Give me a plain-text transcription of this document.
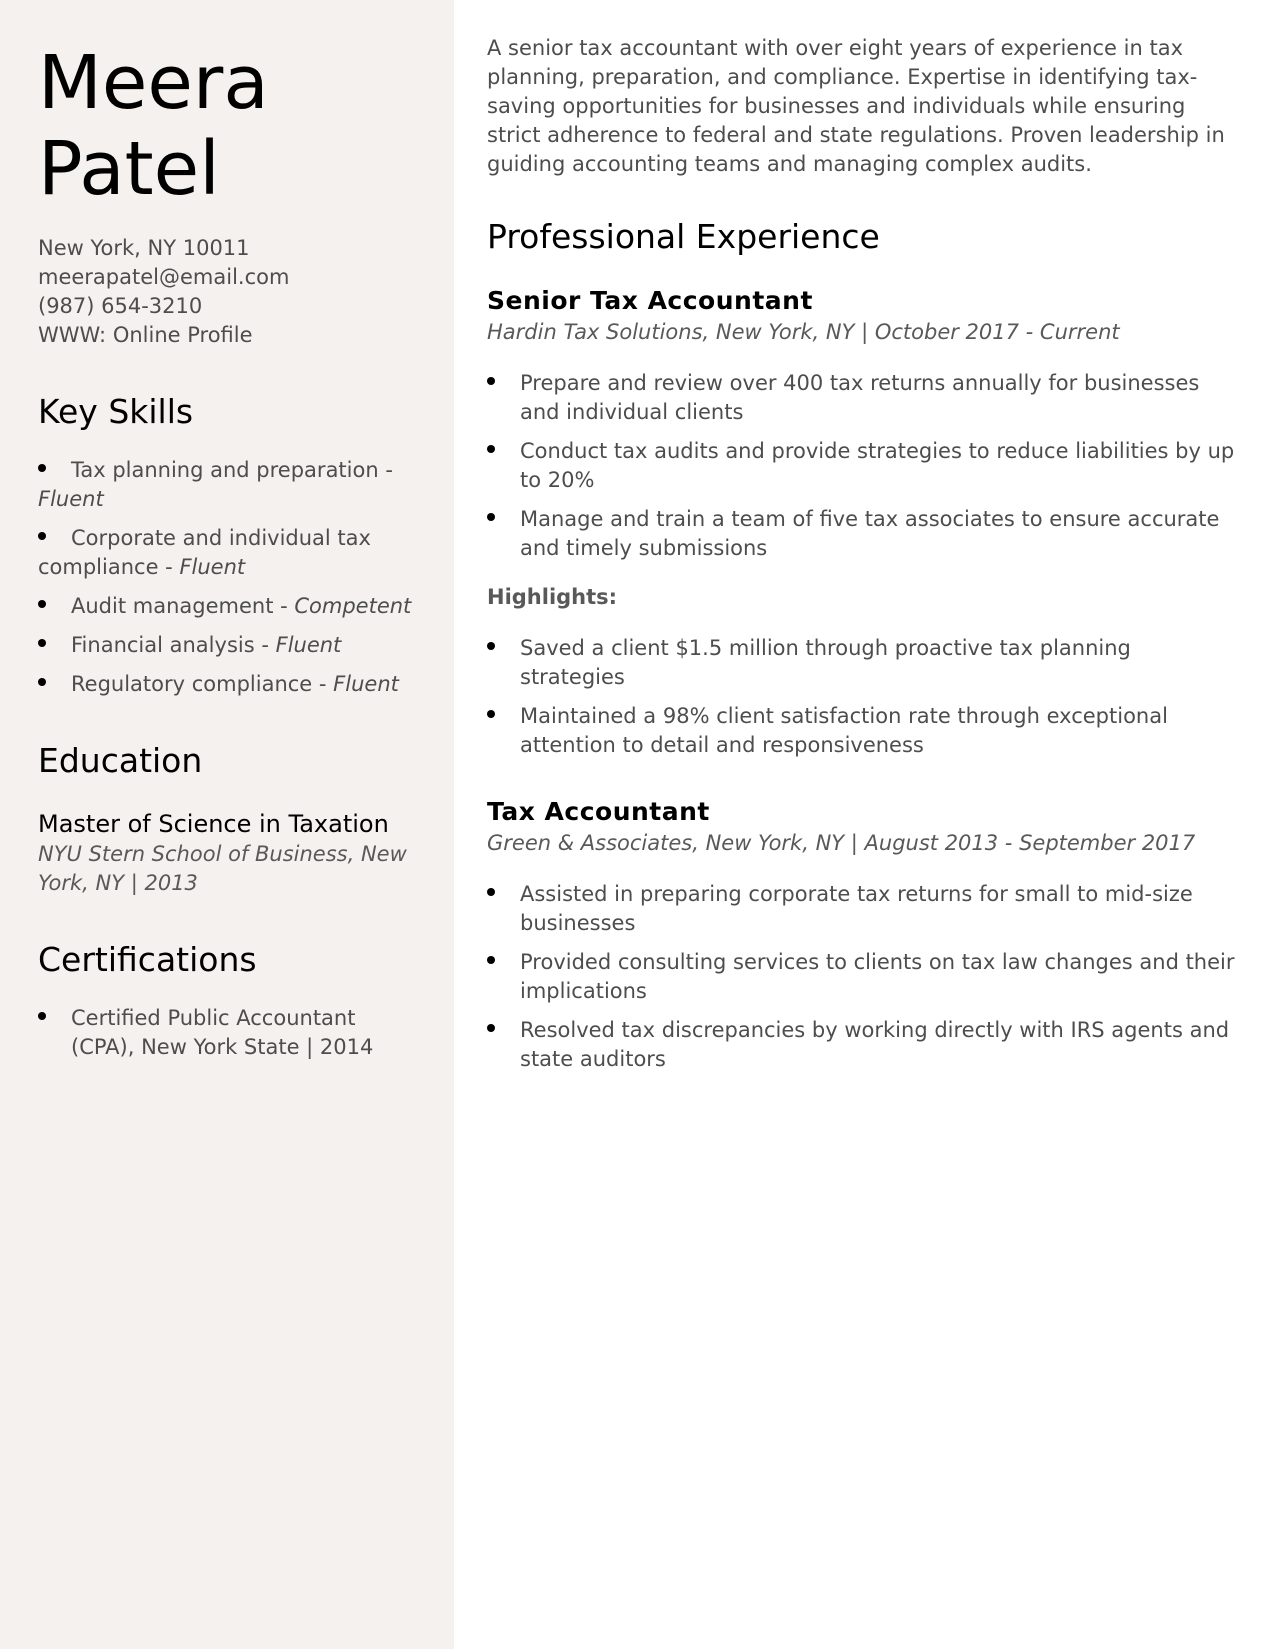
Meera
Patel
New York, NY 10011
meerapatel@email.com
(987) 654-3210
WWW: Online Profile
Key Skills
Tax planning and preparation - Fluent
Corporate and individual tax compliance - Fluent
Audit management - Competent
Financial analysis - Fluent
Regulatory compliance - Fluent
Education
Master of Science in Taxation
NYU Stern School of Business, New York, NY | 2013
Certifications
Certified Public Accountant (CPA), New York State | 2014

A senior tax accountant with over eight years of experience in tax planning, preparation, and compliance. Expertise in identifying tax-saving opportunities for businesses and individuals while ensuring strict adherence to federal and state regulations. Proven leadership in guiding accounting teams and managing complex audits.

Professional Experience
Senior Tax Accountant
Hardin Tax Solutions, New York, NY | October 2017 - Current
Prepare and review over 400 tax returns annually for businesses and individual clients
Conduct tax audits and provide strategies to reduce liabilities by up to 20%
Manage and train a team of five tax associates to ensure accurate and timely submissions
Highlights:
Saved a client $1.5 million through proactive tax planning strategies
Maintained a 98% client satisfaction rate through exceptional attention to detail and responsiveness
Tax Accountant
Green & Associates, New York, NY | August 2013 - September 2017
Assisted in preparing corporate tax returns for small to mid-size businesses
Provided consulting services to clients on tax law changes and their implications
Resolved tax discrepancies by working directly with IRS agents and state auditors
